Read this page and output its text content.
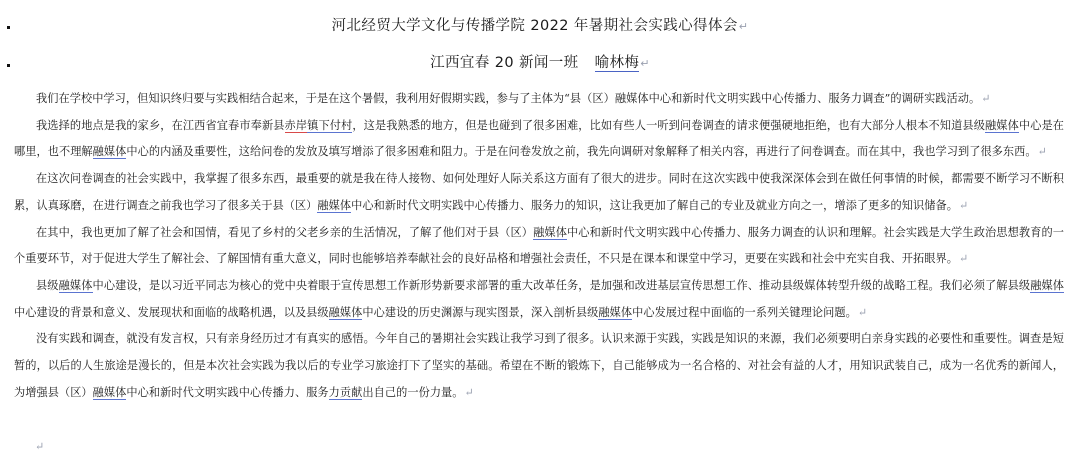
河北经贸大学文化与传播学院 2022 年暑期社会实践心得体会↵
江西宜春 20 新闻一班 喻林梅↵

我们在学校中学习，但知识终归要与实践相结合起来，于是在这个暑假，我利用好假期实践，参与了主体为“县（区）融媒体中心和新时代文明实践中心传播力、服务力调查”的调研实践活动。↵

我选择的地点是我的家乡，在江西省宜春市奉新县赤岸镇下付村，这是我熟悉的地方，但是也碰到了很多困难，比如有些人一听到问卷调查的请求便强硬地拒绝，也有大部分人根本不知道县级融媒体中心是在哪里，也不理解融媒体中心的内涵及重要性，这给问卷的发放及填写增添了很多困难和阻力。于是在问卷发放之前，我先向调研对象解释了相关内容，再进行了问卷调查。而在其中，我也学习到了很多东西。↵

在这次问卷调查的社会实践中，我掌握了很多东西，最重要的就是我在待人接物、如何处理好人际关系这方面有了很大的进步。同时在这次实践中使我深深体会到在做任何事情的时候，都需要不断学习不断积累，认真琢磨，在进行调查之前我也学习了很多关于县（区）融媒体中心和新时代文明实践中心传播力、服务力的知识，这让我更加了解自己的专业及就业方向之一，增添了更多的知识储备。↵

在其中，我也更加了解了社会和国情，看见了乡村的父老乡亲的生活情况，了解了他们对于县（区）融媒体中心和新时代文明实践中心传播力、服务力调查的认识和理解。社会实践是大学生政治思想教育的一个重要环节，对于促进大学生了解社会、了解国情有重大意义，同时也能够培养奉献社会的良好品格和增强社会责任，不只是在课本和课堂中学习，更要在实践和社会中充实自我、开拓眼界。↵

县级融媒体中心建设，是以习近平同志为核心的党中央着眼于宣传思想工作新形势新要求部署的重大改革任务，是加强和改进基层宣传思想工作、推动县级媒体转型升级的战略工程。我们必须了解县级融媒体中心建设的背景和意义、发展现状和面临的战略机遇，以及县级融媒体中心建设的历史渊源与现实图景，深入剖析县级融媒体中心发展过程中面临的一系列关键理论问题。↵

没有实践和调查，就没有发言权，只有亲身经历过才有真实的感悟。今年自己的暑期社会实践让我学习到了很多。认识来源于实践，实践是知识的来源，我们必须要明白亲身实践的必要性和重要性。调查是短暂的，以后的人生旅途是漫长的，但是本次社会实践为我以后的专业学习旅途打下了坚实的基础。希望在不断的锻炼下，自己能够成为一名合格的、对社会有益的人才，用知识武装自己，成为一名优秀的新闻人，为增强县（区）融媒体中心和新时代文明实践中心传播力、服务力贡献出自己的一份力量。↵

↵
